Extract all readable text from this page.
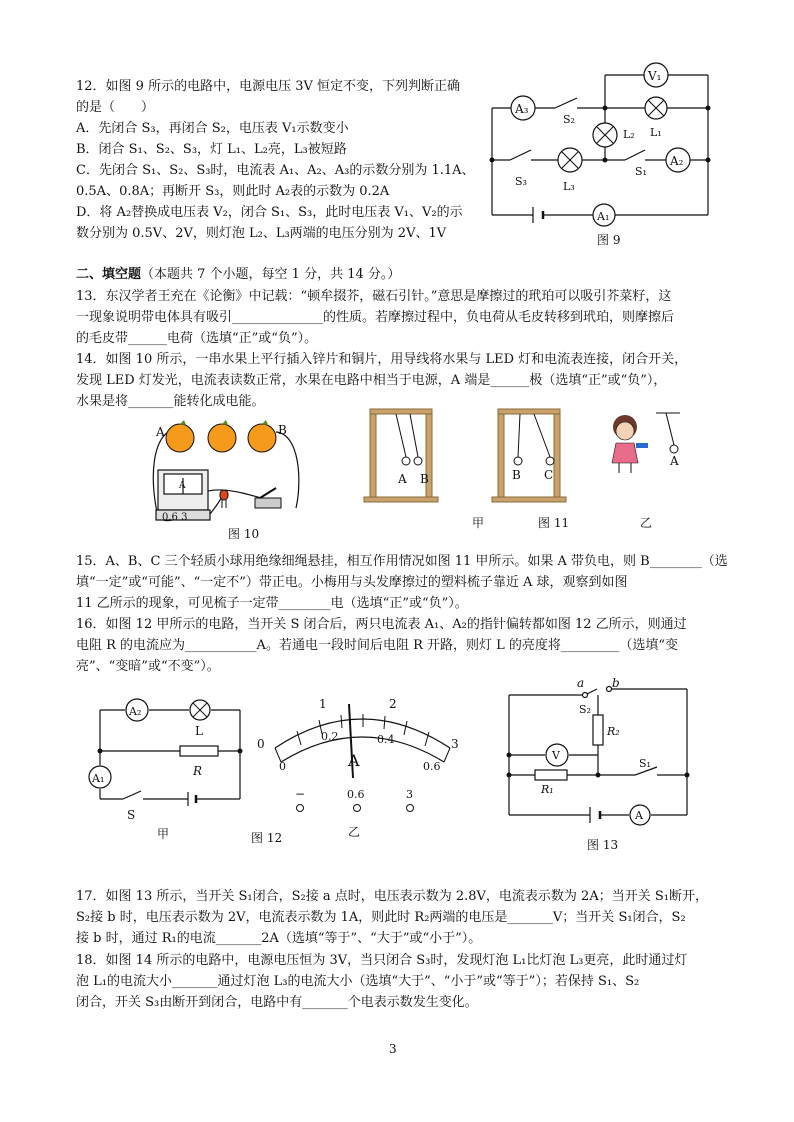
12．如图 9 所示的电路中，电源电压 3V 恒定不变，下列判断正确
的是（　　）
A．先闭合 S₃，再闭合 S₂，电压表 V₁示数变小
B．闭合 S₁、S₂、S₃，灯 L₁、L₂亮，L₃被短路
C．先闭合 S₁、S₂、S₃时，电流表 A₁、A₂、A₃的示数分别为 1.1A、
0.5A、0.8A；再断开 S₃，则此时 A₂表的示数为 0.2A
D．将 A₂替换成电压表 V₂，闭合 S₁、S₃，此时电压表 V₁、V₂的示
数分别为 0.5V、2V，则灯泡 L₂、L₃两端的电压分别为 2V、1V
V₁
A₃
A₂
A₁
S₂
S₃
S₁
L₁
L₂
L₃
图 9
二、填空题（本题共 7 个小题，每空 1 分，共 14 分。）
13．东汉学者王充在《论衡》中记载：“顿牟掇芥，磁石引针。”意思是摩擦过的玳珀可以吸引芥菜籽，这
一现象说明带电体具有吸引______________的性质。若摩擦过程中，负电荷从毛皮转移到玳珀，则摩擦后
的毛皮带______电荷（选填“正”或“负”）。
14．如图 10 所示，一串水果上平行插入锌片和铜片，用导线将水果与 LED 灯和电流表连接，闭合开关，
发现 LED 灯发光，电流表读数正常，水果在电路中相当于电源，A 端是______极（选填“正”或“负”），
水果是将_______能转化成电能。
A	B
A
0.6 3
图 10
A B	B C
A
甲	图 11	乙
15．A、B、C 三个轻质小球用绝缘细绳悬挂，相互作用情况如图 11 甲所示。如果 A 带负电，则 B________（选
填“一定”或“可能”、“一定不”）带正电。小梅用与头发摩擦过的塑料梳子靠近 A 球，观察到如图
11 乙所示的现象，可见梳子一定带________电（选填“正”或“负”）。
16．如图 12 甲所示的电路，当开关 S 闭合后，两只电流表 A₁、A₂的指针偏转都如图 12 乙所示，则通过
电阻 R 的电流应为___________A。若通电一段时间后电阻 R 开路，则灯 L 的亮度将_________（选填“变
亮”、“变暗”或“不变”）。
A₂
A₁
L
R
S
甲
0
1	2
3
0
0.2	0.4
0.6
A
−	0.6	3
图 12	乙
a b
S₂
R₂
V
S₁
R₁
A
图 13
17．如图 13 所示，当开关 S₁闭合，S₂接 a 点时，电压表示数为 2.8V，电流表示数为 2A；当开关 S₁断开，
S₂接 b 时，电压表示数为 2V，电流表示数为 1A，则此时 R₂两端的电压是_______V；当开关 S₁闭合，S₂
接 b 时，通过 R₁的电流_______2A（选填“等于”、“大于”或“小于”）。
18．如图 14 所示的电路中，电源电压恒为 3V，当只闭合 S₃时，发现灯泡 L₁比灯泡 L₃更亮，此时通过灯
泡 L₁的电流大小_______通过灯泡 L₃的电流大小（选填“大于”、“小于”或“等于”）；若保持 S₁、S₂
闭合，开关 S₃由断开到闭合，电路中有_______个电表示数发生变化。
3
